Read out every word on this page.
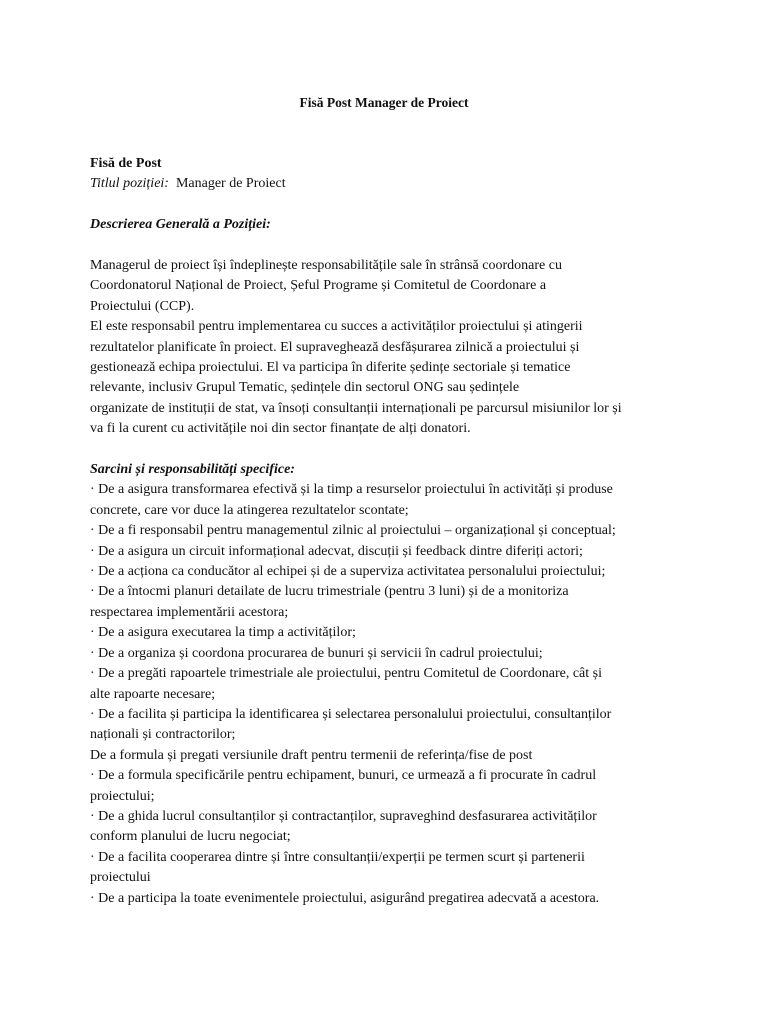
Fisă Post Manager de Proiect
Fisă de Post
Titlul poziției: Manager de Proiect
Descrierea Generală a Poziției:
Managerul de proiect își îndeplinește responsabilitățile sale în strânsă coordonare cu
Coordonatorul Național de Proiect, Șeful Programe și Comitetul de Coordonare a
Proiectului (CCP).
El este responsabil pentru implementarea cu succes a activităților proiectului și atingerii
rezultatelor planificate în proiect. El supraveghează desfășurarea zilnică a proiectului și
gestionează echipa proiectului. El va participa în diferite ședințe sectoriale și tematice
relevante, inclusiv Grupul Tematic, ședințele din sectorul ONG sau ședințele
organizate de instituții de stat, va însoți consultanții internaționali pe parcursul misiunilor lor și
va fi la curent cu activitățile noi din sector finanțate de alți donatori.
Sarcini și responsabilități specifice:
· De a asigura transformarea efectivă și la timp a resurselor proiectului în activități și produse
concrete, care vor duce la atingerea rezultatelor scontate;
· De a fi responsabil pentru managementul zilnic al proiectului – organizațional și conceptual;
· De a asigura un circuit informațional adecvat, discuții și feedback dintre diferiți actori;
· De a acționa ca conducător al echipei și de a superviza activitatea personalului proiectului;
· De a întocmi planuri detailate de lucru trimestriale (pentru 3 luni) și de a monitoriza
respectarea implementării acestora;
· De a asigura executarea la timp a activităților;
· De a organiza și coordona procurarea de bunuri și servicii în cadrul proiectului;
· De a pregăti rapoartele trimestriale ale proiectului, pentru Comitetul de Coordonare, cât și
alte rapoarte necesare;
· De a facilita și participa la identificarea și selectarea personalului proiectului, consultanților
naționali și contractorilor;
De a formula și pregati versiunile draft pentru termenii de referința/fise de post
· De a formula specificările pentru echipament, bunuri, ce urmează a fi procurate în cadrul
proiectului;
· De a ghida lucrul consultanților și contractanților, supraveghind desfasurarea activităților
conform planului de lucru negociat;
· De a facilita cooperarea dintre și între consultanții/experții pe termen scurt și partenerii
proiectului
· De a participa la toate evenimentele proiectului, asigurând pregatirea adecvată a acestora.
